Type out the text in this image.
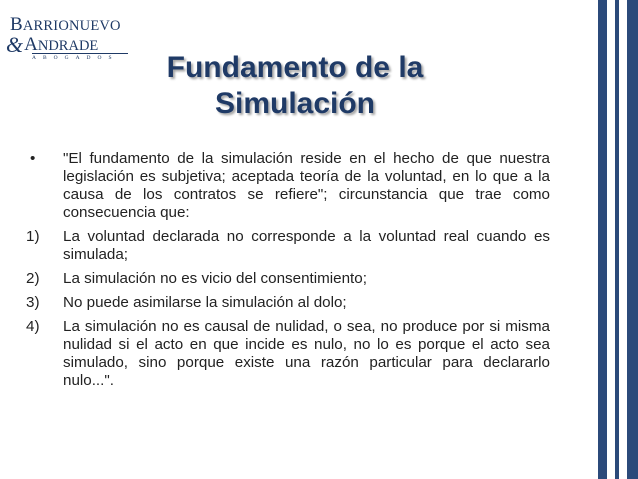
BARRIONUEVO
&ANDRADE
ABOGADOS	Fundamento de la
Simulación
•	"El fundamento de la simulación reside en el hecho de que nuestra legislación es subjetiva; aceptada teoría de la voluntad, en lo que a la causa de los contratos se refiere"; circunstancia que trae como consecuencia que:
1)	La voluntad declarada no corresponde a la voluntad real cuando es simulada;
2)	La simulación no es vicio del consentimiento;
3)	No puede asimilarse la simulación al dolo;
4)	La simulación no es causal de nulidad, o sea, no produce por si misma nulidad si el acto en que incide es nulo, no lo es porque el acto sea simulado, sino porque existe una razón particular para declararlo nulo...".
